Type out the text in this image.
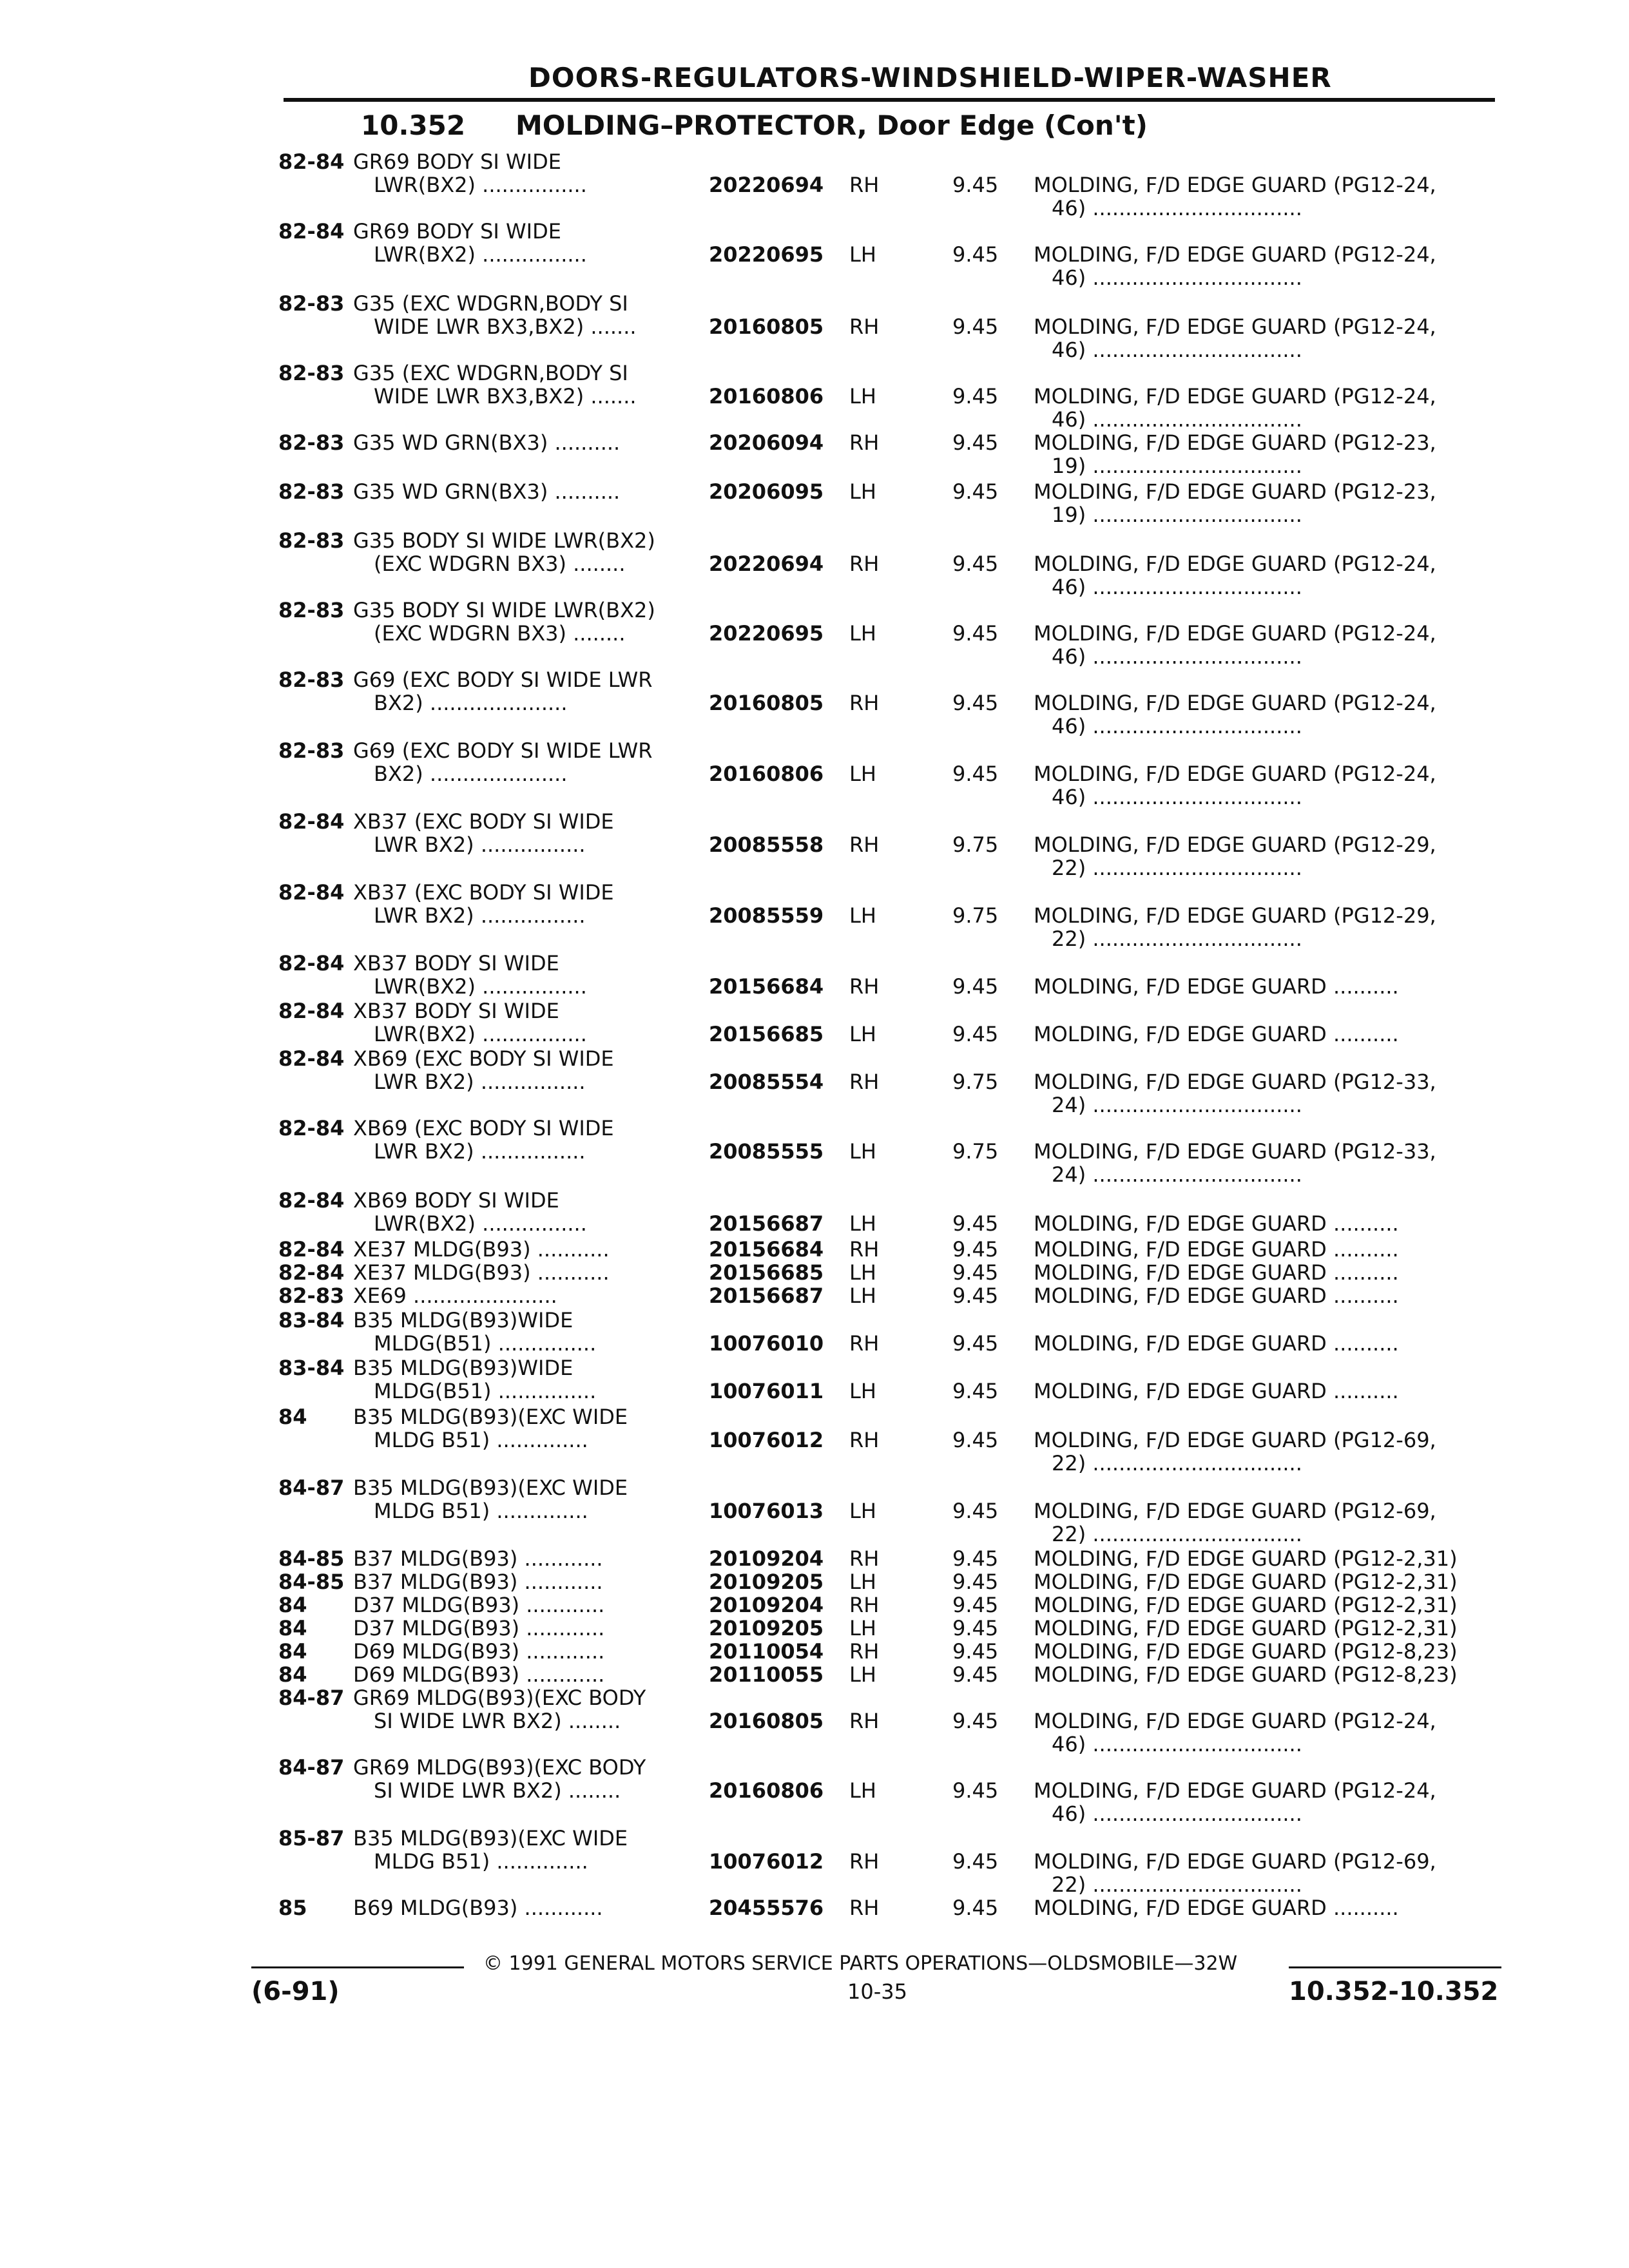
DOORS-REGULATORS-WINDSHIELD-WIPER-WASHER
10.352 MOLDING–PROTECTOR, Door Edge (Con't)
82-84 GR69 BODY SI WIDE
LWR(BX2) ................	20220694 RH	9.45 MOLDING, F/D EDGE GUARD (PG12-24,
46) ................................
82-84 GR69 BODY SI WIDE
LWR(BX2) ................	20220695 LH	9.45 MOLDING, F/D EDGE GUARD (PG12-24,
46) ................................
82-83 G35 (EXC WDGRN,BODY SI
WIDE LWR BX3,BX2) .......	20160805 RH	9.45 MOLDING, F/D EDGE GUARD (PG12-24,
46) ................................
82-83 G35 (EXC WDGRN,BODY SI
WIDE LWR BX3,BX2) .......	20160806 LH	9.45 MOLDING, F/D EDGE GUARD (PG12-24,
46) ................................
82-83 G35 WD GRN(BX3) ..........	20206094 RH	9.45 MOLDING, F/D EDGE GUARD (PG12-23,
19) ................................
82-83 G35 WD GRN(BX3) ..........	20206095 LH	9.45 MOLDING, F/D EDGE GUARD (PG12-23,
19) ................................
82-83 G35 BODY SI WIDE LWR(BX2)
(EXC WDGRN BX3) ........	20220694 RH	9.45 MOLDING, F/D EDGE GUARD (PG12-24,
46) ................................
82-83 G35 BODY SI WIDE LWR(BX2)
(EXC WDGRN BX3) ........	20220695 LH	9.45 MOLDING, F/D EDGE GUARD (PG12-24,
46) ................................
82-83 G69 (EXC BODY SI WIDE LWR
BX2) .....................	20160805 RH	9.45 MOLDING, F/D EDGE GUARD (PG12-24,
46) ................................
82-83 G69 (EXC BODY SI WIDE LWR
BX2) .....................	20160806 LH	9.45 MOLDING, F/D EDGE GUARD (PG12-24,
46) ................................
82-84 XB37 (EXC BODY SI WIDE
LWR BX2) ................	20085558 RH	9.75 MOLDING, F/D EDGE GUARD (PG12-29,
22) ................................
82-84 XB37 (EXC BODY SI WIDE
LWR BX2) ................	20085559 LH	9.75 MOLDING, F/D EDGE GUARD (PG12-29,
22) ................................
82-84 XB37 BODY SI WIDE
LWR(BX2) ................	20156684 RH	9.45 MOLDING, F/D EDGE GUARD ..........
82-84 XB37 BODY SI WIDE
LWR(BX2) ................	20156685 LH	9.45 MOLDING, F/D EDGE GUARD ..........
82-84 XB69 (EXC BODY SI WIDE
LWR BX2) ................	20085554 RH	9.75 MOLDING, F/D EDGE GUARD (PG12-33,
24) ................................
82-84 XB69 (EXC BODY SI WIDE
LWR BX2) ................	20085555 LH	9.75 MOLDING, F/D EDGE GUARD (PG12-33,
24) ................................
82-84 XB69 BODY SI WIDE
LWR(BX2) ................	20156687 LH	9.45 MOLDING, F/D EDGE GUARD ..........
82-84 XE37 MLDG(B93) ...........	20156684 RH	9.45 MOLDING, F/D EDGE GUARD ..........
82-84 XE37 MLDG(B93) ...........	20156685 LH	9.45 MOLDING, F/D EDGE GUARD ..........
82-83 XE69 ......................	20156687 LH	9.45 MOLDING, F/D EDGE GUARD ..........
83-84 B35 MLDG(B93)WIDE
MLDG(B51) ...............	10076010 RH	9.45 MOLDING, F/D EDGE GUARD ..........
83-84 B35 MLDG(B93)WIDE
MLDG(B51) ...............	10076011 LH	9.45 MOLDING, F/D EDGE GUARD ..........
84 B35 MLDG(B93)(EXC WIDE
MLDG B51) ..............	10076012 RH	9.45 MOLDING, F/D EDGE GUARD (PG12-69,
22) ................................
84-87 B35 MLDG(B93)(EXC WIDE
MLDG B51) ..............	10076013 LH	9.45 MOLDING, F/D EDGE GUARD (PG12-69,
22) ................................
84-85 B37 MLDG(B93) ............	20109204 RH	9.45 MOLDING, F/D EDGE GUARD (PG12-2,31)
84-85 B37 MLDG(B93) ............	20109205 LH	9.45 MOLDING, F/D EDGE GUARD (PG12-2,31)
84 D37 MLDG(B93) ............	20109204 RH	9.45 MOLDING, F/D EDGE GUARD (PG12-2,31)
84 D37 MLDG(B93) ............	20109205 LH	9.45 MOLDING, F/D EDGE GUARD (PG12-2,31)
84 D69 MLDG(B93) ............	20110054 RH	9.45 MOLDING, F/D EDGE GUARD (PG12-8,23)
84 D69 MLDG(B93) ............	20110055 LH	9.45 MOLDING, F/D EDGE GUARD (PG12-8,23)
84-87 GR69 MLDG(B93)(EXC BODY
SI WIDE LWR BX2) ........	20160805 RH	9.45 MOLDING, F/D EDGE GUARD (PG12-24,
46) ................................
84-87 GR69 MLDG(B93)(EXC BODY
SI WIDE LWR BX2) ........	20160806 LH	9.45 MOLDING, F/D EDGE GUARD (PG12-24,
46) ................................
85-87 B35 MLDG(B93)(EXC WIDE
MLDG B51) ..............	10076012 RH	9.45 MOLDING, F/D EDGE GUARD (PG12-69,
22) ................................
85 B69 MLDG(B93) ............	20455576 RH	9.45 MOLDING, F/D EDGE GUARD ..........
© 1991 GENERAL MOTORS SERVICE PARTS OPERATIONS—OLDSMOBILE—32W
(6-91)	10-35	10.352-10.352
